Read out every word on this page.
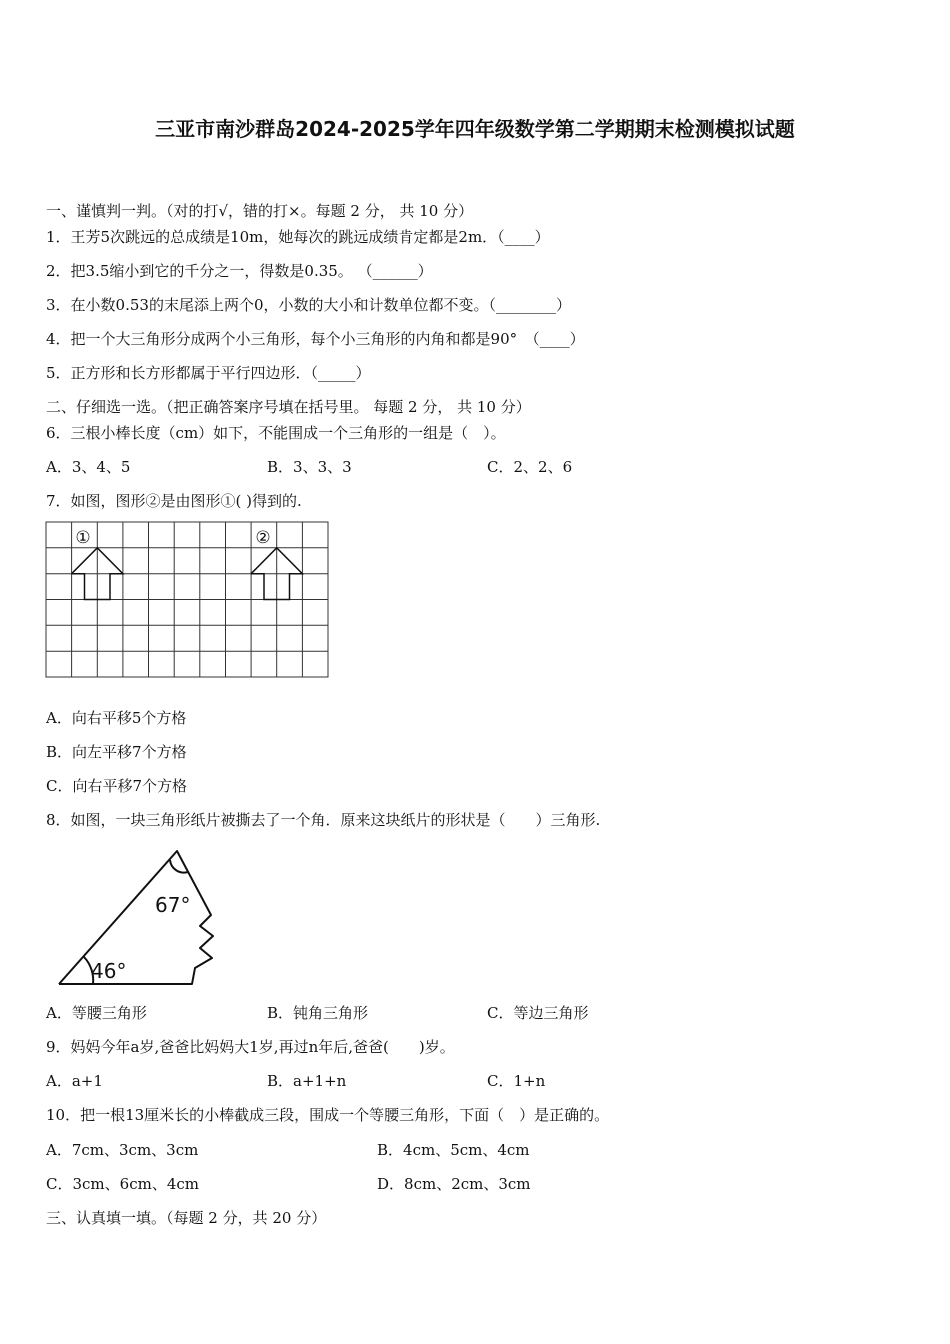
三亚市南沙群岛2024-2025学年四年级数学第二学期期末检测模拟试题
一、谨慎判一判。（对的打√，错的打×。每题 2 分， 共 10 分）
1．王芳5次跳远的总成绩是10m，她每次的跳远成绩肯定都是2m．（____）
2．把3.5缩小到它的千分之一，得数是0.35。 （______）
3．在小数0.53的末尾添上两个0，小数的大小和计数单位都不变。（________）
4．把一个大三角形分成两个小三角形，每个小三角形的内角和都是90°　（____）
5．正方形和长方形都属于平行四边形．（_____）
二、仔细选一选。（把正确答案序号填在括号里。 每题 2 分， 共 10 分）
6．三根小棒长度（cm）如下，不能围成一个三角形的一组是（　）。
A．3、4、5	B．3、3、3	C．2、2、6
7．如图，图形②是由图形①( )得到的.
①	②
A．向右平移5个方格
B．向左平移7个方格
C．向右平移7个方格
8．如图，一块三角形纸片被撕去了一个角．原来这块纸片的形状是（　　）三角形.
67°
46°
A．等腰三角形	B．钝角三角形	C．等边三角形
9．妈妈今年a岁,爸爸比妈妈大1岁,再过n年后,爸爸(　　)岁。
A．a+1	B．a+1+n	C．1+n
10．把一根13厘米长的小棒截成三段，围成一个等腰三角形，下面（　）是正确的。
A．7cm、3cm、3cm	B．4cm、5cm、4cm
C．3cm、6cm、4cm	D．8cm、2cm、3cm
三、认真填一填。（每题 2 分，共 20 分）
